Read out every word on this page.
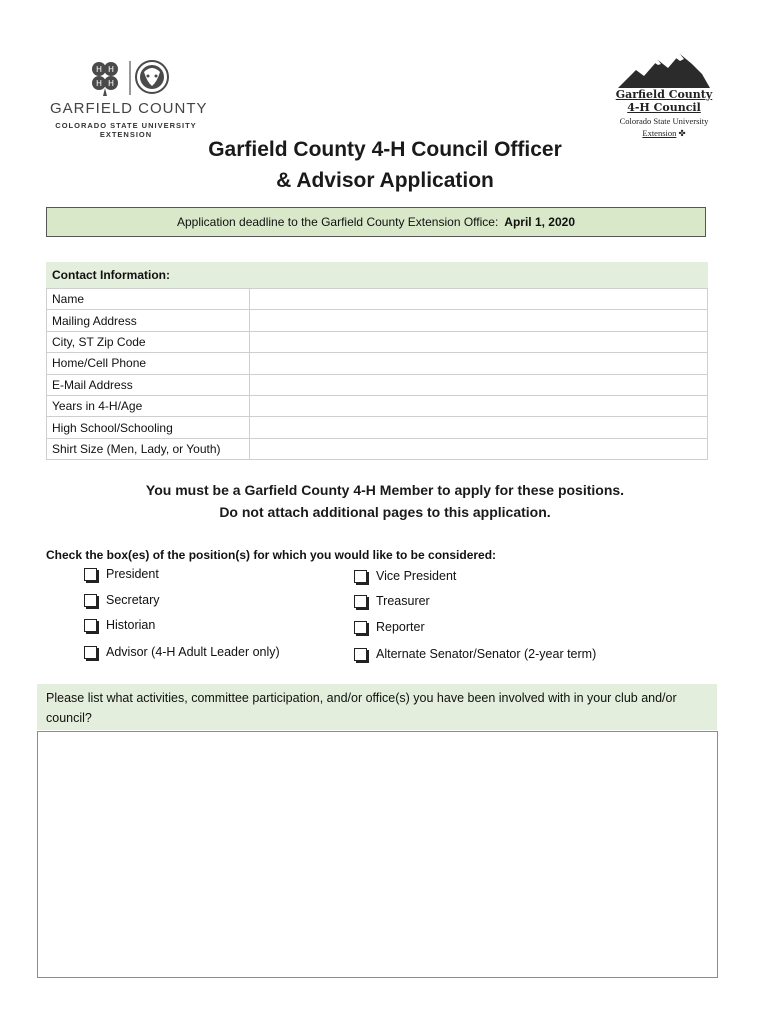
H H
H H
GARFIELD COUNTY
COLORADO STATE UNIVERSITY
EXTENSION
Garfield County
4-H Council
Colorado State University
Extension ✤
Garfield County 4-H Council Officer
& Advisor Application
Application deadline to the Garfield County Extension Office: April 1, 2020
Contact Information:
Name	
Mailing Address	
City, ST Zip Code	
Home/Cell Phone	
E-Mail Address	
Years in 4-H/Age	
High School/Schooling	
Shirt Size (Men, Lady, or Youth)	
You must be a Garfield County 4-H Member to apply for these positions.
Do not attach additional pages to this application.
Check the box(es) of the position(s) for which you would like to be considered:
President
Secretary
Historian
Advisor (4-H Adult Leader only)
Vice President
Treasurer
Reporter
Alternate Senator/Senator (2-year term)
Please list what activities, committee participation, and/or office(s) you have been involved with in your club and/or council?
